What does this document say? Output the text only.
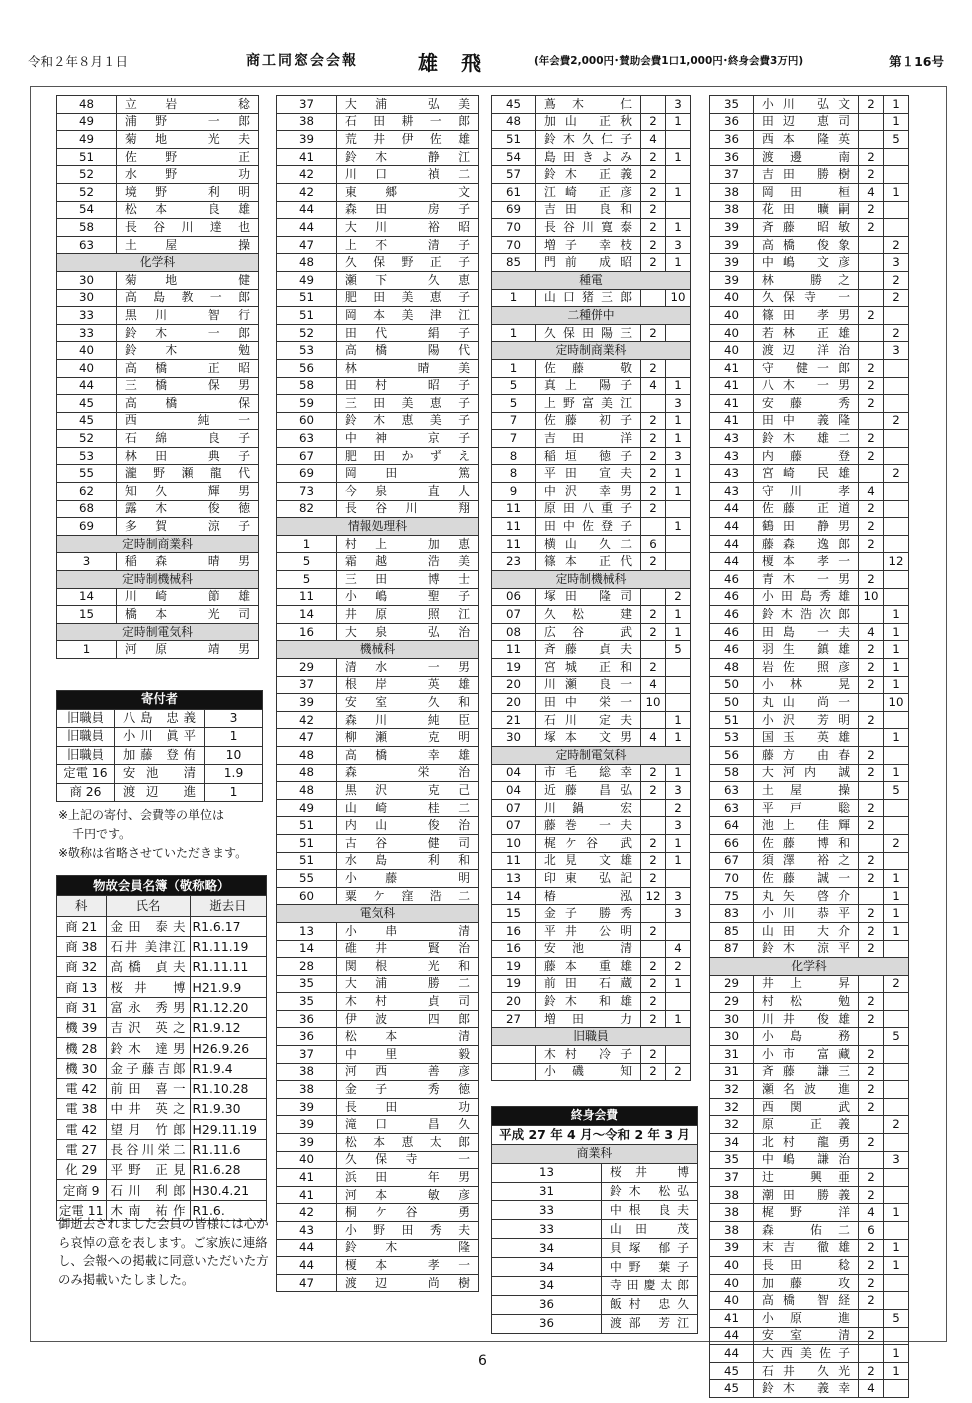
令和２年８月１日	商工同窓会会報	雄 飛	(年会費2,000円･賛助会費1口1,000円･終身会費3万円)	第１16号
48	立岩 稔
49	浦野 一郎
49	菊地 光夫
51	佐野 正
52	水野 功
52	境野 利明
54	松本 良雄
58	長谷川達也
63	土屋 操
化学科	
30	菊地 健
30	高島教一郎
33	黒川 智行
33	鈴木 一郎
40	鈴木 勉
40	高橋 正昭
44	三橋 保男
45	高橋 保
45	西 純一
52	石綿 良子
53	林田 典子
55	瀧野瀬龍代
62	知久 輝男
68	露木 俊徳
69	多賀 涼子
定時制商業科	
3	稲森 晴男
定時制機械科	
14	川崎 節雄
15	橋本 光司
定時制電気科	
1	河原 靖男
37	大浦 弘美
38	石田耕一郎
39	荒井伊佐雄
41	鈴木 静江
42	川口 禎二
42	東郷 文
44	森田 房子
44	大川 裕昭
47	上不 清子
48	久保野正子
49	瀬下 久恵
51	肥田美恵子
51	岡本美津江
52	田代 絹子
53	高橋 陽代
56	林 晴美
58	田村 昭子
59	三田美恵子
60	鈴木恵美子
63	中神 京子
67	肥田かずえ
69	岡田 篤
73	今泉 直人
82	長谷川 翔
情報処理科	
1	村上 加恵
5	霜越 浩美
5	三田 博士
11	小嶋 聖子
14	井原 照江
16	大泉 弘治
機械科	
29	清水 一男
37	根岸 英雄
39	安室 久和
42	森川 純臣
47	柳瀬 克明
48	高橋 幸雄
48	森 栄治
48	黒沢 克己
49	山崎 桂二
51	内山 俊治
51	古谷 健司
51	水島 利和
55	小藤 明
60	粟ケ窪浩二
電気科	
13	小串 清
14	碓井 賢治
28	関根 光和
35	大浦 勝二
35	木村 貞司
36	伊波 四郎
36	松本 清
37	中里 毅
38	河西 善彦
38	金子 秀徳
39	長田 功
39	滝口 昌久
39	松本恵太郎
40	久保寺 一
41	浜田 年男
41	河本 敏彦
42	桐ケ谷 勇
43	小野田秀夫
44	鈴木 隆
44	榎本 孝一
47	渡辺 尚樹
45	蔦木 仁		3
48	加山 正秋	2	1
51	鈴木久仁子	4	
54	島田きよみ	2	1
57	鈴木 正義	2	
61	江崎 正彦	2	1
69	吉田 良和	2	
70	長谷川寛泰	2	1
70	増子 幸枝	2	3
85	門前 成昭	2	1
種電			
1	山口猪三郎		10
二種併中			
1	久保田陽三	2	
定時制商業科			
1	佐藤 敬	2	
5	真上 陽子	4	1
5	上野富美江		3
7	佐藤 初子	2	1
7	吉田 洋	2	1
8	稲垣 徳子	2	3
8	平田 宣夫	2	1
9	中沢 幸男	2	1
11	原田八重子	2	
11	田中佐登子		1
11	横山 久二	6	
23	篠本 正代	2	
定時制機械科			
06	塚田 隆司		2
07	久松 建	2	1
08	広谷 武	2	1
11	斉藤 貞夫		5
19	宮城 正和	2	
20	川瀬 良一	4	
20	田中 栄一	10	
21	石川 定夫		1
30	塚本 文男	4	1
定時制電気科			
04	市毛 総幸	2	1
04	近藤 昌弘	2	3
07	川鍋 宏		2
07	藤巻 一夫		3
10	梶ケ谷 武	2	1
11	北見 文雄	2	1
13	印東 弘記	2	
14	椿 泓	12	3
15	金子 勝秀		3
16	平井 公明	2	
16	安池 清		4
19	藤本 重雄	2	2
19	前田 石蔵	2	1
20	鈴木 和雄	2	
27	増田 力	2	1
旧職員			
	木村 冷子	2	
	小磯 知	2	2
35	小川 弘文	2	1
36	田辺 恵司		1
36	西本 隆英		5
36	渡邊 南	2	
37	吉田 勝樹	2	
38	岡田 桓	4	1
38	花田 曠嗣	2	
39	斉藤 昭敏	2	
39	高橋 俊象		2
39	中嶋 文彦		3
39	林 勝之		2
40	久保寺 一		2
40	篠田 孝男	2	
40	若林 正雄		2
40	渡辺 洋治		3
41	守 健一郎	2	
41	八木 一男	2	
41	安藤 秀	2	
41	田中 義隆		2
43	鈴木 雄二	2	
43	内藤 登	2	
43	宮崎 民雄		2
43	守川 孝	4	
44	佐藤 正道	2	
44	鶴田 静男	2	
44	藤森 逸郎	2	
44	榎本 孝一		12
46	青木 一男	2	
46	小田島秀雄	10	
46	鈴木浩次郎		1
46	田島 一夫	4	1
46	羽生 鎮雄	2	1
48	岩佐 照彦	2	1
50	小林 晃	2	1
50	丸山 尚一		10
51	小沢 芳明	2	
53	国玉 英雄		1
56	藤方 由春	2	
58	大河内 誠	2	1
63	土屋 操		5
63	平戸 聡	2	
64	池上 佳輝	2	
66	佐藤 博和		2
67	須澤 裕之	2	
70	佐藤 誠一	2	1
75	丸矢 啓介		1
83	小川 恭平	2	1
85	山田 大介	2	1
87	鈴木 涼平	2	
化学科			
29	井上 昇		2
29	村松 勉	2	
30	川井 俊雄	2	
30	小島 務		5
31	小市 富藏	2	
31	斉藤 謙三	2	
32	瀬名波 進	2	
32	西関 武	2	
32	原 正義		2
34	北村 龍勇	2	
35	中嶋 謙治		3
37	辻 興亜	2	
38	潮田 勝義	2	
38	梶野 洋	4	1
38	森 佑二	6	
39	末吉 徹雄	2	1
40	長田 稔	2	1
40	加藤 攻	2	
40	高橋 智経	2	
41	小原 進		5
44	安室 清	2	
44	大西美佐子		1
45	石井 久光	2	1
45	鈴木 義幸	4	
寄付者		
旧職員	八島 忠義	3
旧職員	小川 眞平	1
旧職員	加藤 登侑	10
定電 16	安池 清	1.9
商 26	渡辺 進	1
※上記の寄付、会費等の単位は
千円です。
※敬称は省略させていただきます。
物故会員名簿（敬称略）		
科	氏名	逝去日
商 21	金田 泰夫	R1.6.17
商 38	石井 美津江	R1.11.19
商 32	高橋 貞夫	R1.11.11
商 13	桜井 博	H21.9.9
商 31	富永 秀男	R1.12.20
機 39	吉沢 英之	R1.9.12
機 28	鈴木 達男	H26.9.26
機 30	金子藤吉郎	R1.9.4
電 42	前田 喜一	R1.10.28
電 38	中井 英之	R1.9.30
電 42	望月 竹郎	H29.11.19
電 27	長谷川栄二	R1.11.6
化 29	平野 正見	R1.6.28
定商 9	石川 利郎	H30.4.21
定電 11	木南 祐作	R1.6.
御逝去されました会員の皆様には心から哀悼の意を表します。ご家族に連絡し、会報への掲載に同意いただいた方のみ掲載いたしました。
終身会費	
平成 27 年 4 月〜令和 2 年 3 月	
商業科	
13	桜井 博
31	鈴木 松弘
33	中根 良夫
33	山田 茂
34	貝塚 郁子
34	中野 葉子
34	寺田慶太郎
36	飯村 忠久
36	渡部 芳江
6
